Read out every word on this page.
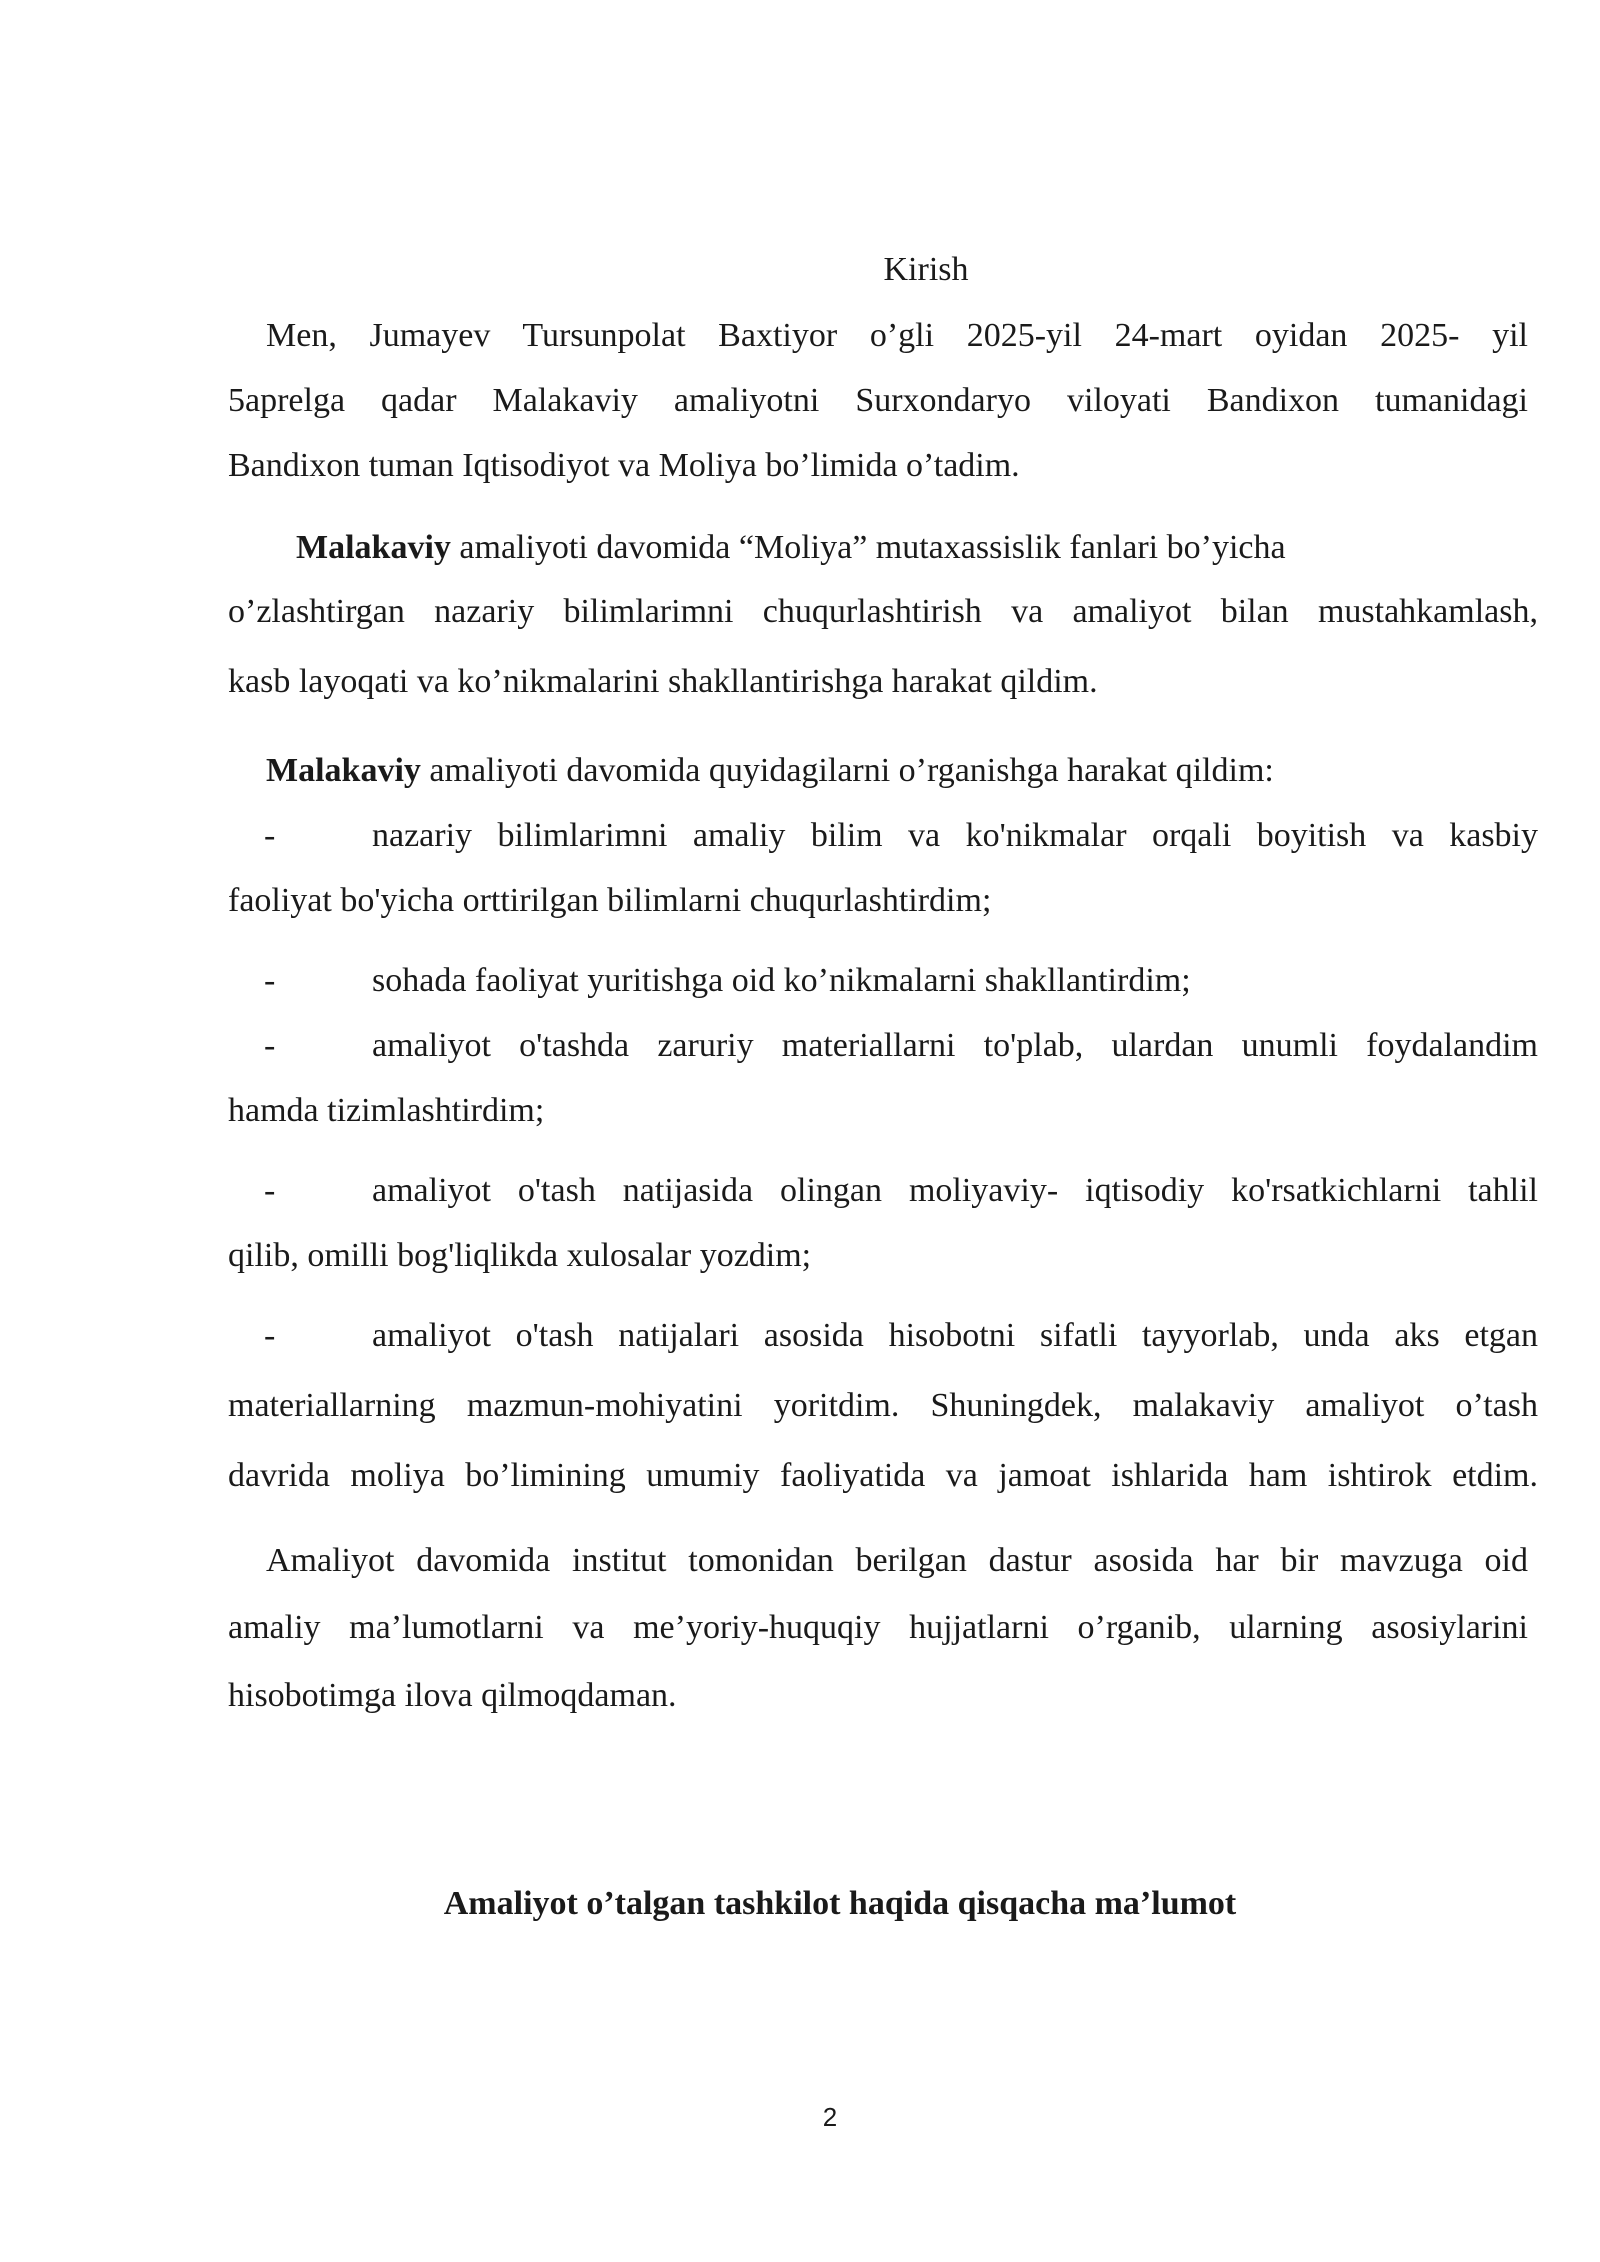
Kirish
Men, Jumayev Tursunpolat Baxtiyor o’gli 2025-yil 24-mart oyidan 2025- yil
5aprelga qadar Malakaviy amaliyotni Surxondaryo viloyati Bandixon tumanidagi
Bandixon tuman Iqtisodiyot va Moliya bo’limida o’tadim.
Malakaviy amaliyoti davomida “Moliya” mutaxassislik fanlari bo’yicha
o’zlashtirgan nazariy bilimlarimni chuqurlashtirish va amaliyot bilan mustahkamlash,
kasb layoqati va ko’nikmalarini shakllantirishga harakat qildim.
Malakaviy amaliyoti davomida quyidagilarni o’rganishga harakat qildim:
-	nazariy bilimlarimni amaliy bilim va ko'nikmalar orqali boyitish va kasbiy
faoliyat bo'yicha orttirilgan bilimlarni chuqurlashtirdim;
-	sohada faoliyat yuritishga oid ko’nikmalarni shakllantirdim;
-	amaliyot o'tashda zaruriy materiallarni to'plab, ulardan unumli foydalandim
hamda tizimlashtirdim;
-	amaliyot o'tash natijasida olingan moliyaviy- iqtisodiy ko'rsatkichlarni tahlil
qilib, omilli bog'liqlikda xulosalar yozdim;
-	amaliyot o'tash natijalari asosida hisobotni sifatli tayyorlab, unda aks etgan
materiallarning mazmun-mohiyatini yoritdim. Shuningdek, malakaviy amaliyot o’tash
davrida moliya bo’limining umumiy faoliyatida va jamoat ishlarida ham ishtirok etdim.
Amaliyot davomida institut tomonidan berilgan dastur asosida har bir mavzuga oid
amaliy ma’lumotlarni va me’yoriy-huquqiy hujjatlarni o’rganib, ularning asosiylarini
hisobotimga ilova qilmoqdaman.
Amaliyot o’talgan tashkilot haqida qisqacha ma’lumot
2
